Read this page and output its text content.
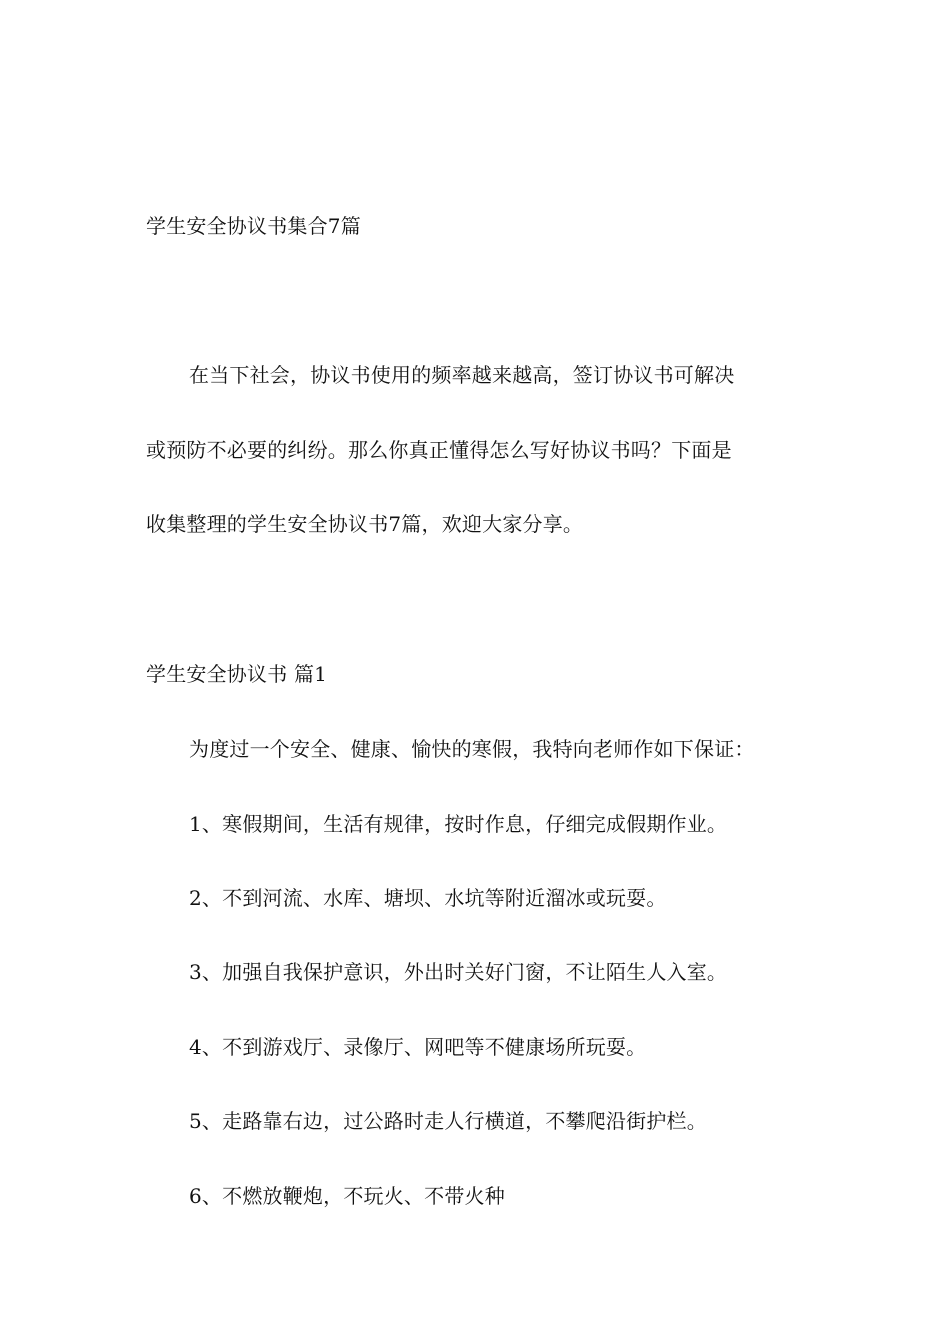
学生安全协议书集合7篇
在当下社会，协议书使用的频率越来越高，签订协议书可解决
或预防不必要的纠纷。那么你真正懂得怎么写好协议书吗？下面是
收集整理的学生安全协议书7篇，欢迎大家分享。
学生安全协议书 篇1
为度过一个安全、健康、愉快的寒假，我特向老师作如下保证：
1、寒假期间，生活有规律，按时作息，仔细完成假期作业。
2、不到河流、水库、塘坝、水坑等附近溜冰或玩耍。
3、加强自我保护意识，外出时关好门窗，不让陌生人入室。
4、不到游戏厅、录像厅、网吧等不健康场所玩耍。
5、走路靠右边，过公路时走人行横道，不攀爬沿街护栏。
6、不燃放鞭炮，不玩火、不带火种
